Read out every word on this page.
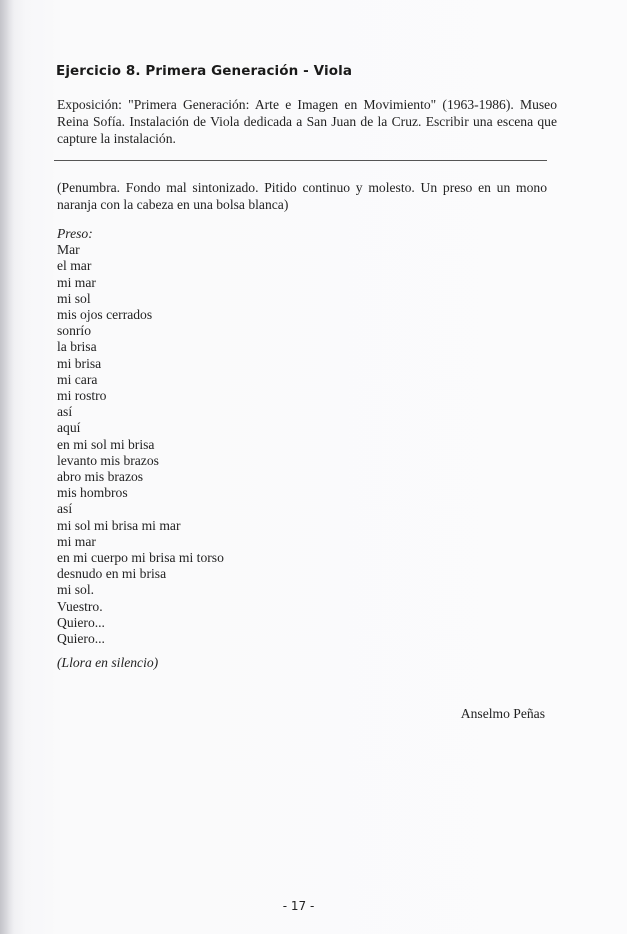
Ejercicio 8. Primera Generación - Viola
Exposición: "Primera Generación: Arte e Imagen en Movimiento" (1963-1986). Museo Reina Sofía. Instalación de Viola dedicada a San Juan de la Cruz. Escribir una escena que capture la instalación.
(Penumbra. Fondo mal sintonizado. Pitido continuo y molesto. Un preso en un mono naranja con la cabeza en una bolsa blanca)
Preso:
Mar
el mar
mi mar
mi sol
mis ojos cerrados
sonrío
la brisa
mi brisa
mi cara
mi rostro
así
aquí
en mi sol mi brisa
levanto mis brazos
abro mis brazos
mis hombros
así
mi sol mi brisa mi mar
mi mar
en mi cuerpo mi brisa mi torso
desnudo en mi brisa
mi sol.
Vuestro.
Quiero...
Quiero...
(Llora en silencio)
Anselmo Peñas
- 17 -
